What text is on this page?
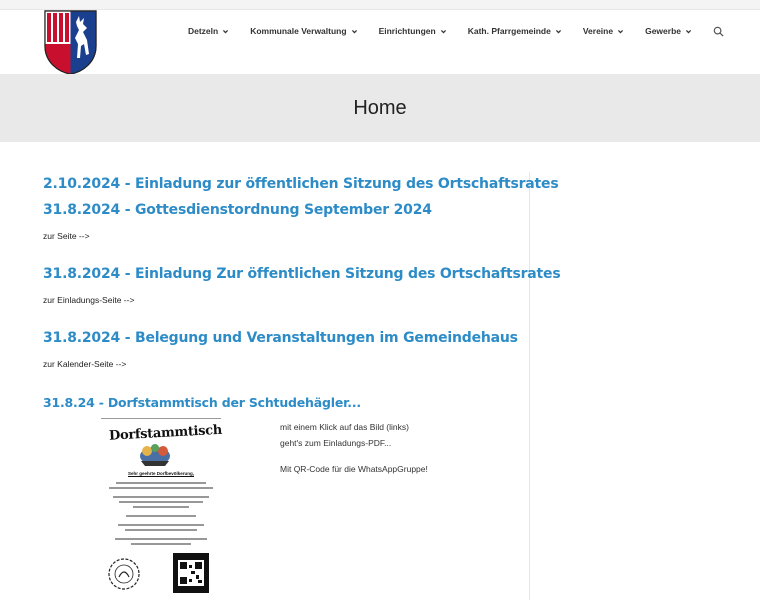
Detzeln	Kommunale Verwaltung	Einrichtungen	Kath. Pfarrgemeinde	Vereine	Gewerbe
Home
2.10.2024 - Einladung zur öffentlichen Sitzung des Ortschaftsrates
31.8.2024 - Gottesdienstordnung September 2024
zur Seite -->
31.8.2024 - Einladung Zur öffentlichen Sitzung des Ortschaftsrates
zur Einladungs-Seite -->
31.8.2024 - Belegung und Veranstaltungen im Gemeindehaus
zur Kalender-Seite -->
31.8.24 - Dorfstammtisch der Schtudehägler...
Dorfstammtisch
Sehr geehrte Dorfbevölkerung,
mit einem Klick auf das Bild (links)
geht's zum Einladungs-PDF...
Mit QR-Code für die WhatsAppGruppe!
